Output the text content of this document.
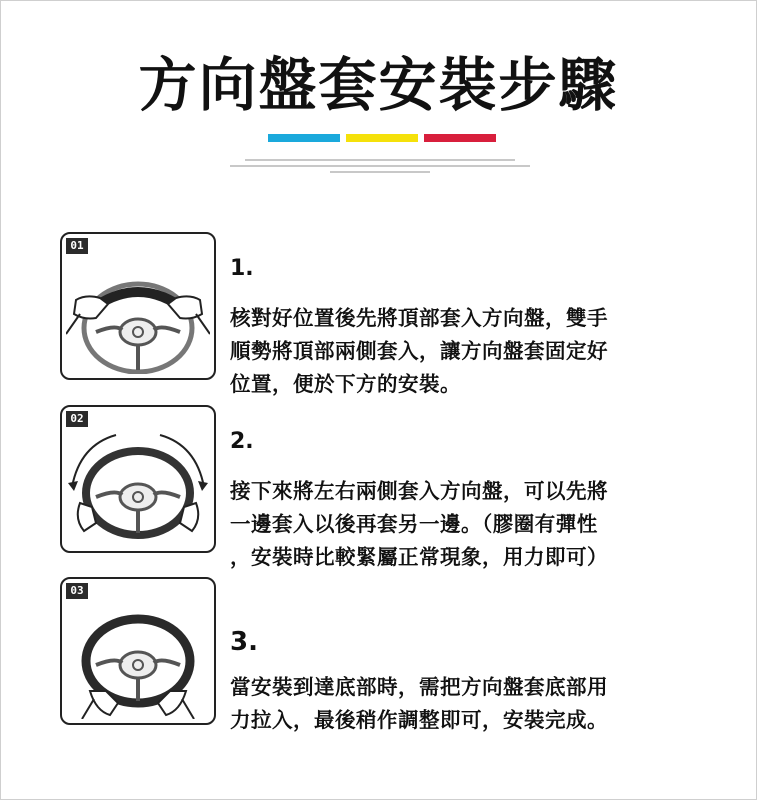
方向盤套安裝步驟
01
1.
核對好位置後先將頂部套入方向盤，雙手
順勢將頂部兩側套入，讓方向盤套固定好
位置，便於下方的安裝。
02
2.
接下來將左右兩側套入方向盤，可以先將
一邊套入以後再套另一邊。（膠圈有彈性
，安裝時比較緊屬正常現象，用力即可）
03
3.
當安裝到達底部時，需把方向盤套底部用
力拉入，最後稍作調整即可，安裝完成。
